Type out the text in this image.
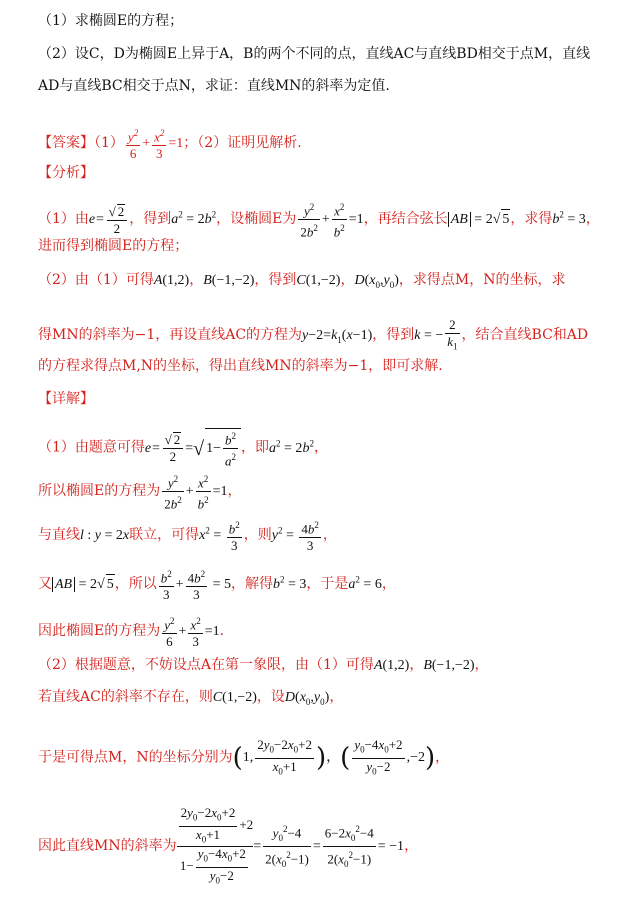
（1）求椭圆E的方程；
（2）设C，D为椭圆E上异于A，B的两个不同的点，直线AC与直线BD相交于点M，直线
AD与直线BC相交于点N，求证：直线MN的斜率为定值.
【答案】$(1) \frac{y^2}{6} + \frac{x^2}{3} =1$；（2）证明见解析.
【分析】
（1）由$e= \frac{√ 2}{2}$ ，得到$a^2 = 2b^2$，设椭圆E为 $\frac{y^2}{2b^2} + \frac{x^2}{b^2} =1$，再结合弦长 AB = 2√ 5，求得$b^2 = 3$，
进而得到椭圆E的方程；
（2）由（1）可得A(1,2)，B(−1,−2)，得到C(1,−2)，$D(x_0,y_0)$，求得点M，N的坐标，求
得MN的斜率为−1，再设直线AC的方程为$y-2=k_1(x-1)$，得到k = − $\frac{2}{k_1}$ ，结合直线BC和AD
的方程求得点M,N的坐标，得出直线MN的斜率为−1，即可求解.
【详解】
（1）由题意可得$e= \frac{√ 2}{2}$ =√ $1- \frac{b^2}{a^2}$ ，即$a^2 = 2b^2$，
所以椭圆E的方程为 $\frac{y^2}{2b^2} + \frac{x^2}{b^2} =1$，
与直线l : y = 2x联立，可得$x^2 = \frac{b^2}{3}$ ，则$y^2 = \frac{4b^2}{3}$ ，
又 AB = 2√ 5，所以 $\frac{b^2}{3} + \frac{4b^2}{3} = 5$，解得$b^2 = 3$，于是$a^2 = 6$，
因此椭圆E的方程为 $\frac{y^2}{6} + \frac{x^2}{3} =1$.
（2）根据题意，不妨设点A在第一象限，由（1）可得A(1,2)，B(−1,−2)，
若直线AC的斜率不存在，则C(1,−2)，设$D(x_0,y_0)$，
于是可得点M，N的坐标分别为(1, $\frac{2y_0-2x_0+2}{x_0+1}$ )，( $\frac{y_0-4x_0+2}{y_0-2} ,-2$)，
因此直线MN的斜率为 $\frac{\frac{2y_0-2x_0+2}{x_0+1} +2}{1- \frac{y_0-4x_0+2}{y_0-2}} = \frac{y_0^2-4}{2(x_0^2-1)} = \frac{6-2x_0^2-4}{2(x_0^2-1)} = -1$，
